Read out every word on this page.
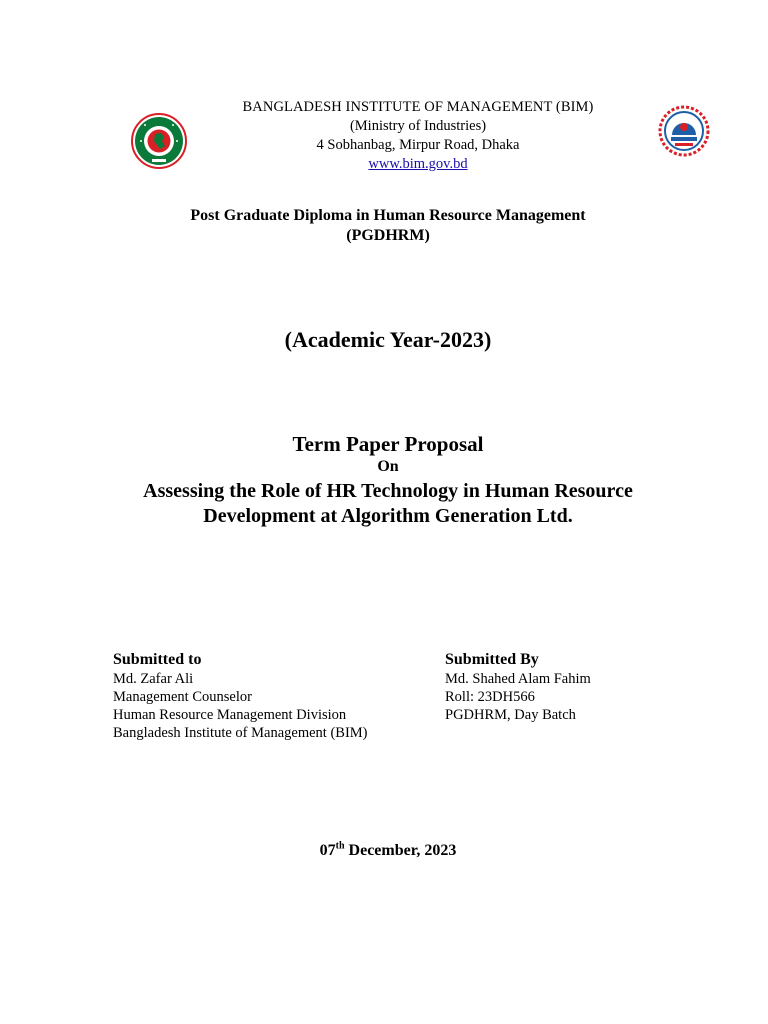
BANGLADESH INSTITUTE OF MANAGEMENT (BIM)
(Ministry of Industries)
4 Sobhanbag, Mirpur Road, Dhaka
www.bim.gov.bd
Post Graduate Diploma in Human Resource Management
(PGDHRM)
(Academic Year-2023)
Term Paper Proposal
On
Assessing the Role of HR Technology in Human Resource
Development at Algorithm Generation Ltd.
Submitted to
Md. Zafar Ali
Management Counselor
Human Resource Management Division
Bangladesh Institute of Management (BIM)
Submitted By
Md. Shahed Alam Fahim
Roll: 23DH566
PGDHRM, Day Batch
07th December, 2023
